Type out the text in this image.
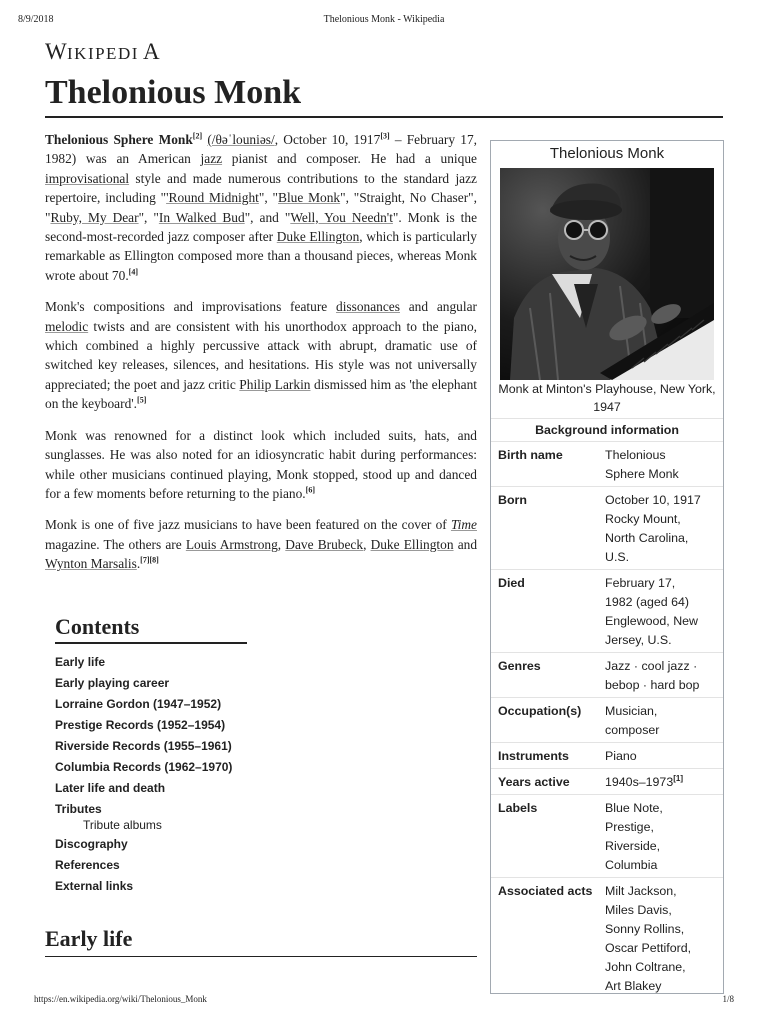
8/9/2018	Thelonious Monk - Wikipedia
W IKIPEDI A
Thelonious Monk

Thelonious Sphere Monk[2] (/θəˈlouniəs/, October 10, 1917[3] – February 17, 1982) was an American jazz pianist and composer. He had a unique improvisational style and made numerous contributions to the standard jazz repertoire, including "'Round Midnight", "Blue Monk", "Straight, No Chaser", "Ruby, My Dear", "In Walked Bud", and "Well, You Needn't". Monk is the second-most-recorded jazz composer after Duke Ellington, which is particularly remarkable as Ellington composed more than a thousand pieces, whereas Monk wrote about 70.[4]

Monk's compositions and improvisations feature dissonances and angular melodic twists and are consistent with his unorthodox approach to the piano, which combined a highly percussive attack with abrupt, dramatic use of switched key releases, silences, and hesitations. His style was not universally appreciated; the poet and jazz critic Philip Larkin dismissed him as 'the elephant on the keyboard'.[5]

Monk was renowned for a distinct look which included suits, hats, and sunglasses. He was also noted for an idiosyncratic habit during performances: while other musicians continued playing, Monk stopped, stood up and danced for a few moments before returning to the piano.[6]

Monk is one of five jazz musicians to have been featured on the cover of Time magazine. The others are Louis Armstrong, Dave Brubeck, Duke Ellington and Wynton Marsalis.[7][8]

Contents
Early life
Early playing career
Lorraine Gordon (1947–1952)
Prestige Records (1952–1954)
Riverside Records (1955–1961)
Columbia Records (1962–1970)
Later life and death
Tributes
Tribute albums
Discography
References
External links
Early life
Thelonious Monk
Monk at Minton's Playhouse, New York, 1947
Background information
Birth name	Thelonious
Sphere Monk
Born	October 10, 1917
Rocky Mount,
North Carolina,
U.S.
Died	February 17,
1982 (aged 64)
Englewood, New
Jersey, U.S.
Genres	Jazz · cool jazz ·
bebop · hard bop
Occupation(s)	Musician,
composer
Instruments	Piano
Years active	1940s–1973[1]
Labels	Blue Note,
Prestige,
Riverside,
Columbia
Associated acts	Milt Jackson,
Miles Davis,
Sonny Rollins,
Oscar Pettiford,
John Coltrane,
Art Blakey
https://en.wikipedia.org/wiki/Thelonious_Monk	1/8
